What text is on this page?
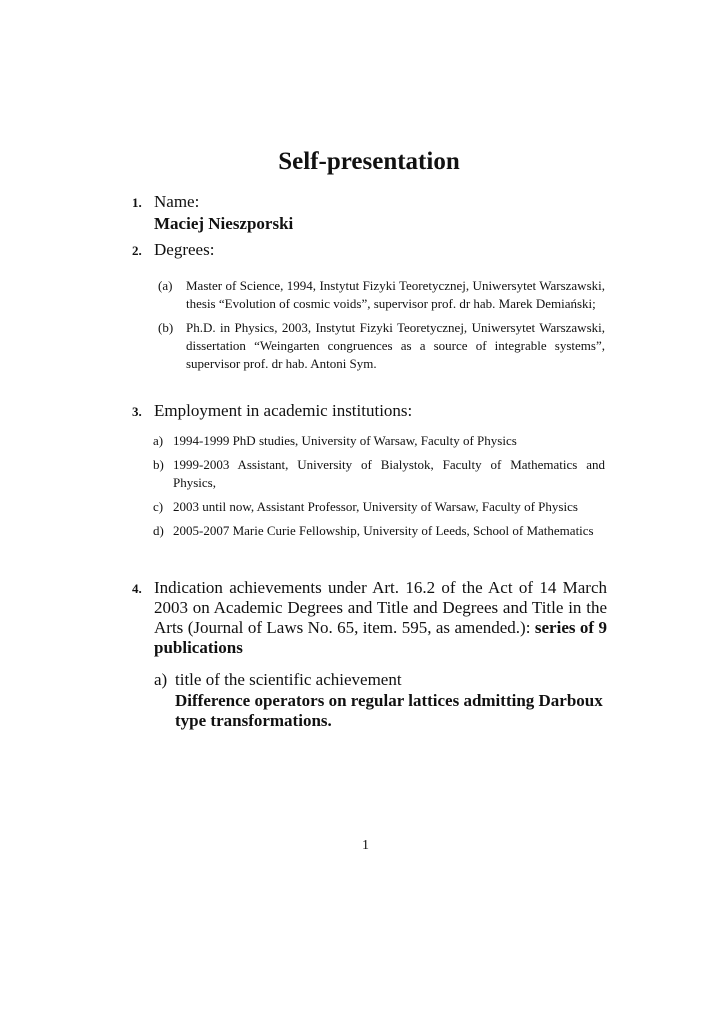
Self-presentation
1. Name:
Maciej Nieszporski
2. Degrees:
(a) Master of Science, 1994, Instytut Fizyki Teoretycznej, Uniwersytet Warszawski, thesis “Evolution of cosmic voids”, supervisor prof. dr hab. Marek Demiański;
(b) Ph.D. in Physics, 2003, Instytut Fizyki Teoretycznej, Uniwersytet Warszawski, dissertation “Weingarten congruences as a source of integrable systems”, supervisor prof. dr hab. Antoni Sym.
3. Employment in academic institutions:
a) 1994-1999 PhD studies, University of Warsaw, Faculty of Physics
b) 1999-2003 Assistant, University of Bialystok, Faculty of Mathematics and Physics,
c) 2003 until now, Assistant Professor, University of Warsaw, Faculty of Physics
d) 2005-2007 Marie Curie Fellowship, University of Leeds, School of Mathematics
4. Indication achievements under Art. 16.2 of the Act of 14 March 2003 on Academic Degrees and Title and Degrees and Title in the Arts (Journal of Laws No. 65, item. 595, as amended.): series of 9 publications
a) title of the scientific achievement
Difference operators on regular lattices admitting Darboux type transformations.
1
